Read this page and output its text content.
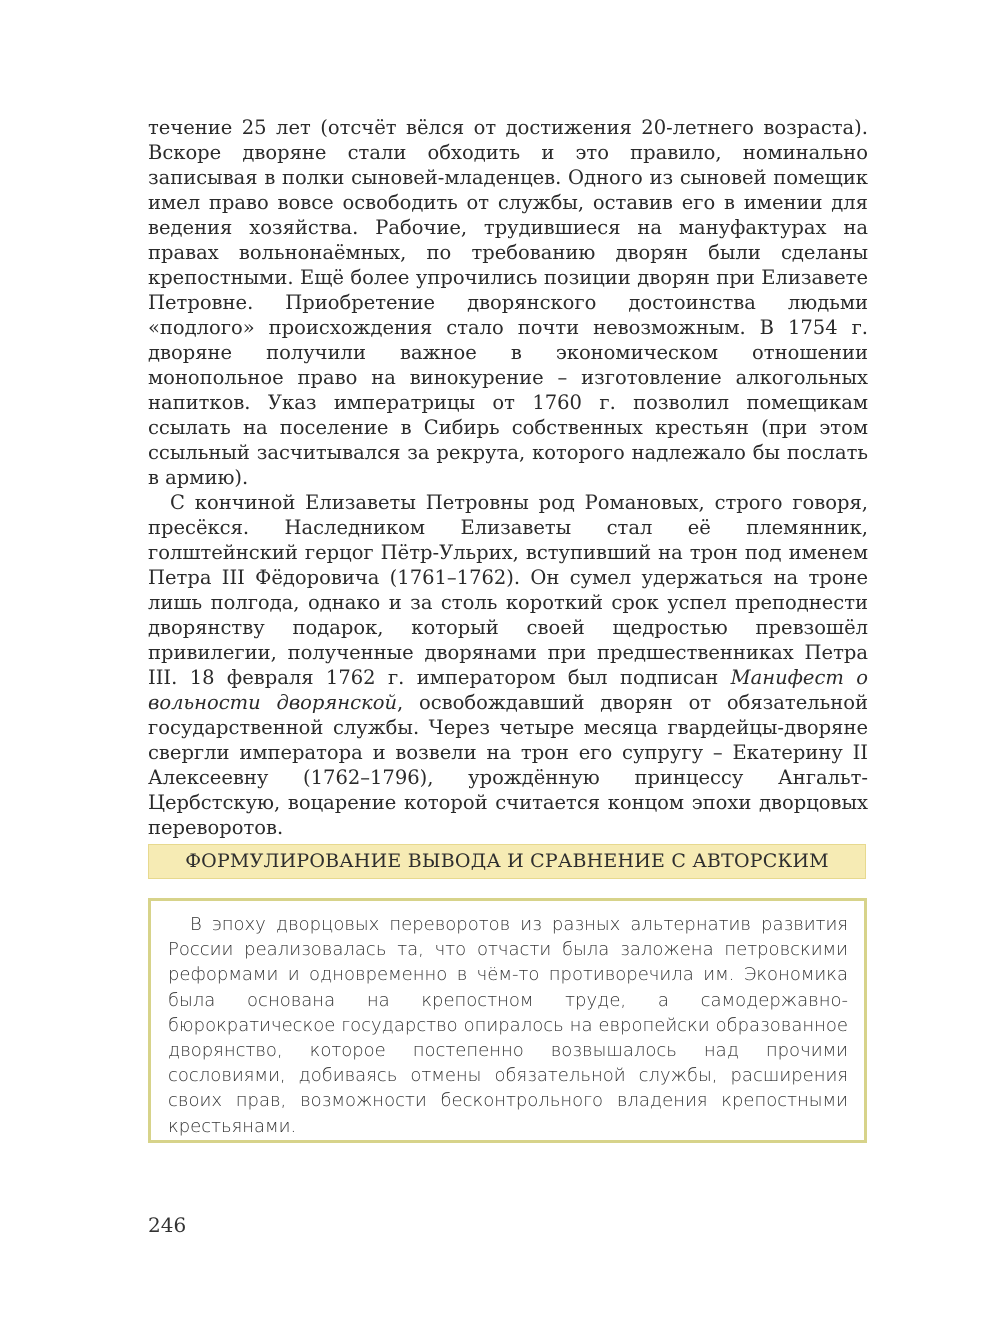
течение 25 лет (отсчёт вёлся от достижения 20-летнего возраста). Вскоре дворяне стали обходить и это правило, номинально записывая в полки сыновей-младенцев. Одного из сыновей помещик имел право вовсе освободить от службы, оставив его в имении для ведения хозяйства. Рабочие, трудившиеся на мануфактурах на правах вольнонаёмных, по требованию дворян были сделаны крепостными. Ещё более упрочились позиции дворян при Елизавете Петровне. Приобретение дворянского достоинства людьми «подлого» происхождения стало почти невозможным. В 1754 г. дворяне получили важное в экономическом отношении монопольное право на винокурение – изготовление алкогольных напитков. Указ императрицы от 1760 г. позволил помещикам ссылать на поселение в Сибирь собственных крестьян (при этом ссыльный засчитывался за рекрута, которого надлежало бы послать в армию).

С кончиной Елизаветы Петровны род Романовых, строго говоря, пресёкся. Наследником Елизаветы стал её племянник, голштейнский герцог Пётр-Ульрих, вступивший на трон под именем Петра III Фёдоровича (1761–1762). Он сумел удержаться на троне лишь полгода, однако и за столь короткий срок успел преподнести дворянству подарок, который своей щедростью превзошёл привилегии, полученные дворянами при предшественниках Петра III. 18 февраля 1762 г. императором был подписан Манифест о вольности дворянской, освобождавший дворян от обязательной государственной службы. Через четыре месяца гвардейцы-дворяне свергли императора и возвели на трон его супругу – Екатерину II Алексеевну (1762–1796), урождённую принцессу Ангальт-Цербстскую, воцарение которой считается концом эпохи дворцовых переворотов.

ФОРМУЛИРОВАНИЕ ВЫВОДА И СРАВНЕНИЕ С АВТОРСКИМ

В эпоху дворцовых переворотов из разных альтернатив развития России реализовалась та, что отчасти была заложена петровскими реформами и одновременно в чём-то противоречила им. Экономика была основана на крепостном труде, а самодержавно-бюрократическое государство опиралось на европейски образованное дворянство, которое постепенно возвышалось над прочими сословиями, добиваясь отмены обязательной службы, расширения своих прав, возможности бесконтрольного владения крепостными крестьянами.

246
